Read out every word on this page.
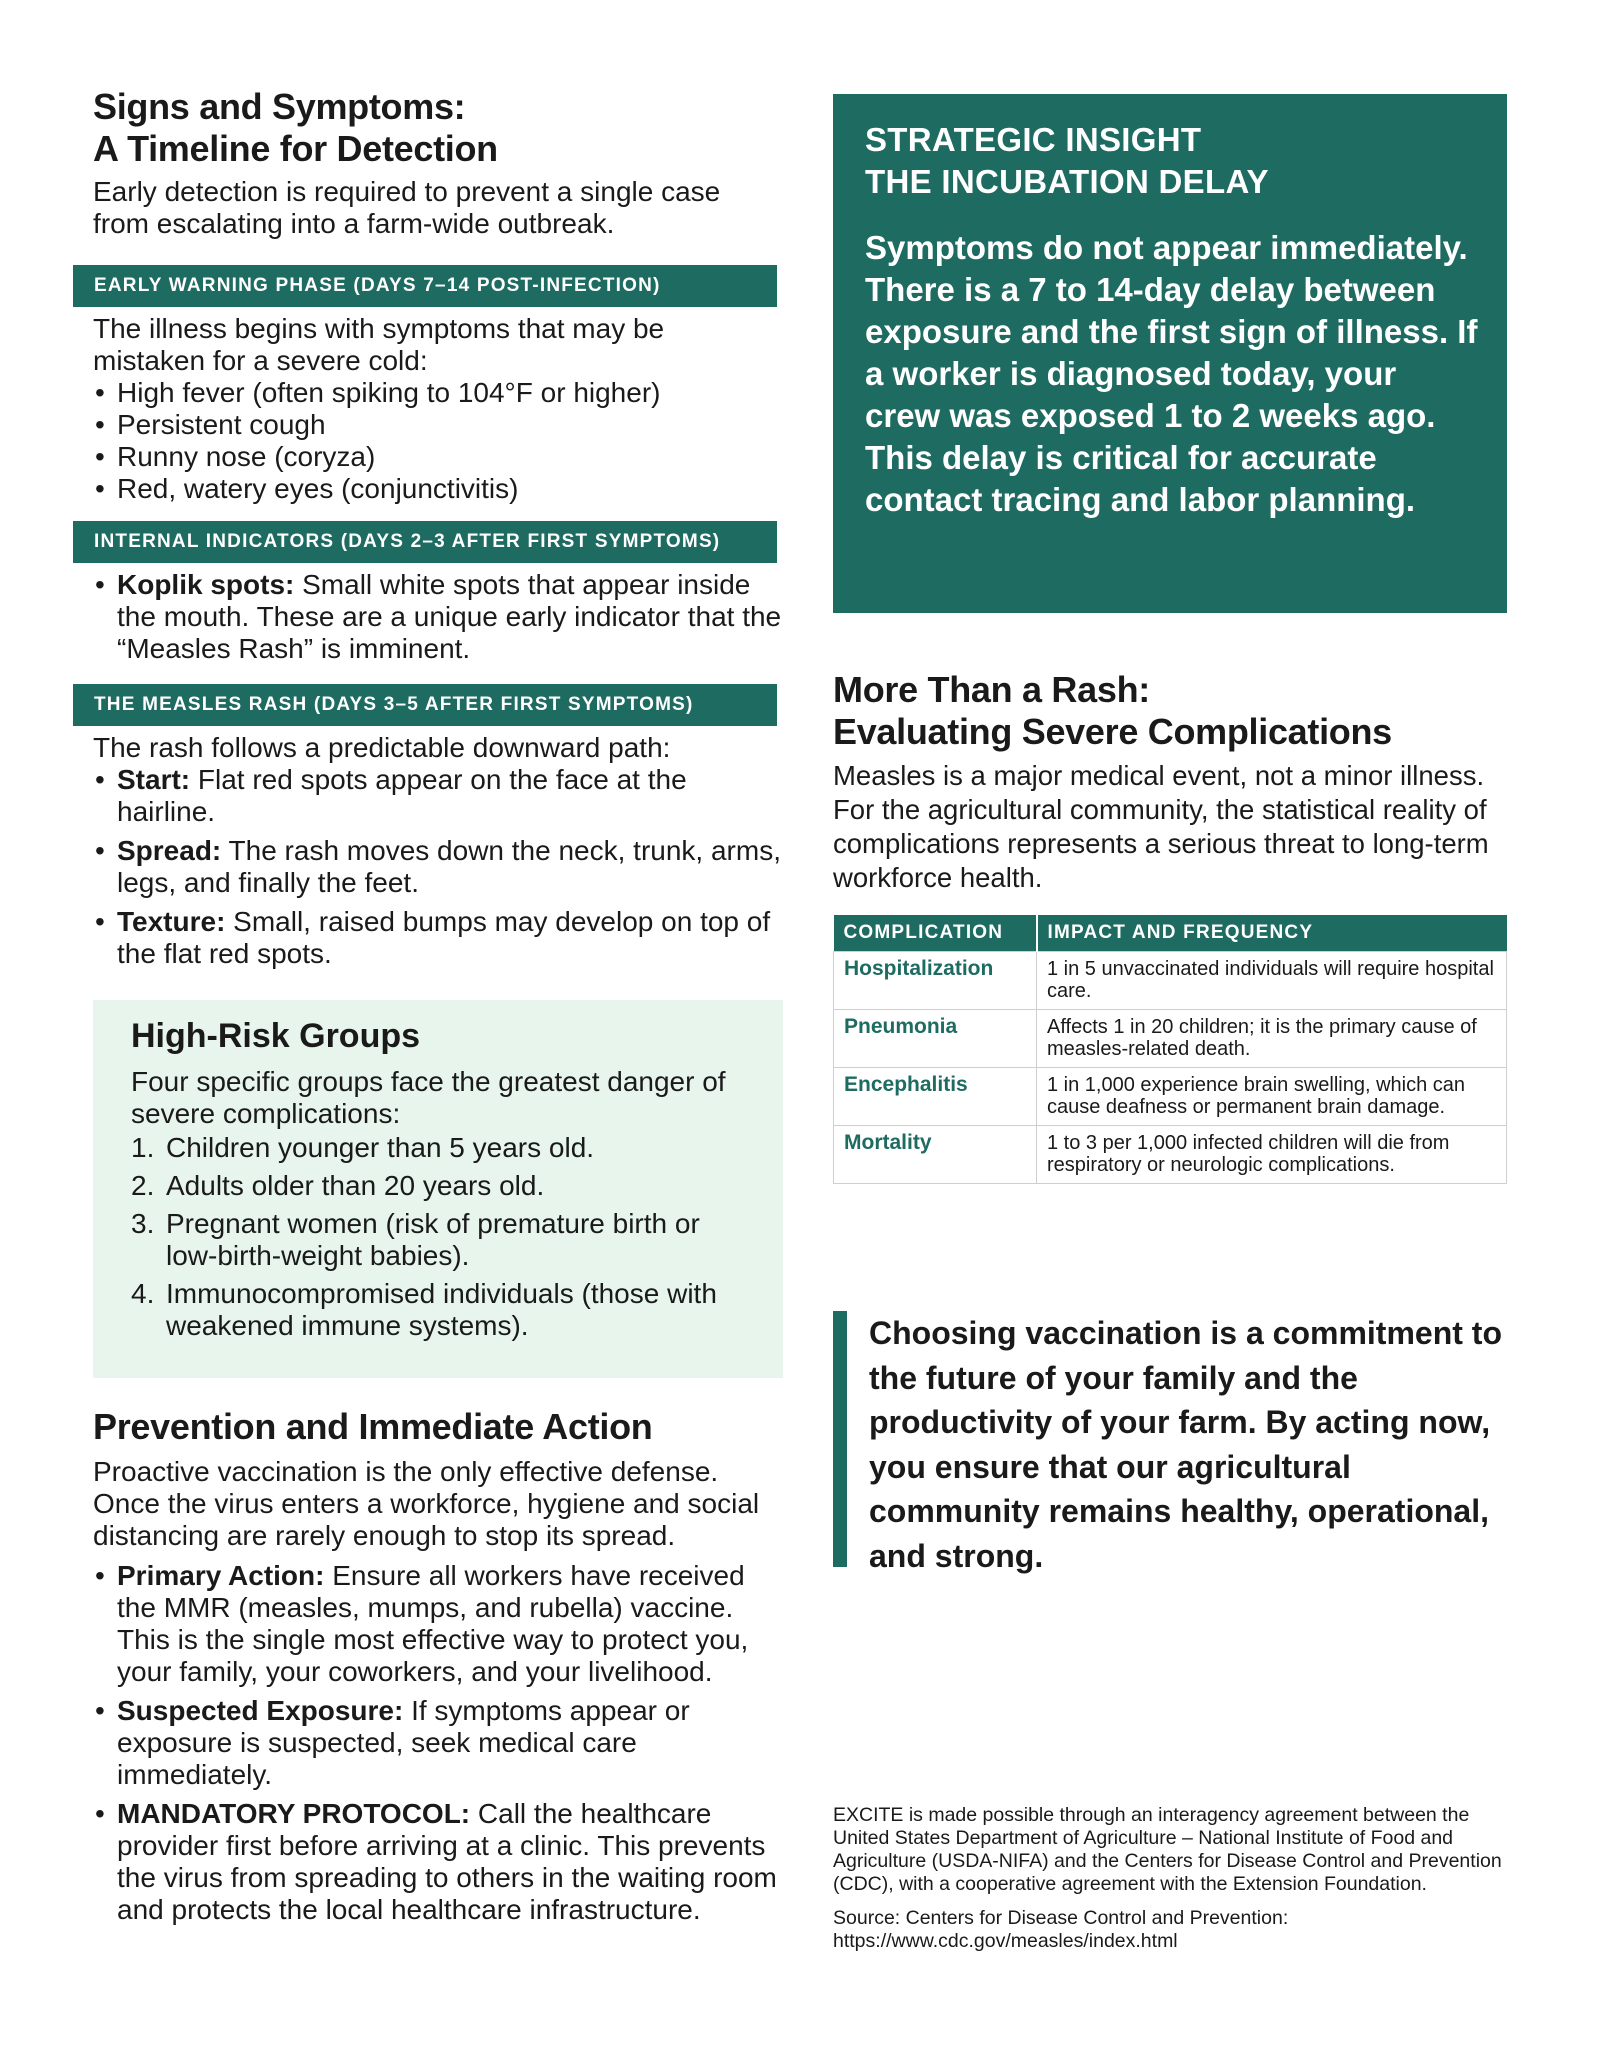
Signs and Symptoms:
A Timeline for Detection

Early detection is required to prevent a single case from escalating into a farm-wide outbreak.

EARLY WARNING PHASE (DAYS 7–14 POST-INFECTION)

The illness begins with symptoms that may be mistaken for a severe cold:

• High fever (often spiking to 104°F or higher)
• Persistent cough
• Runny nose (coryza)
• Red, watery eyes (conjunctivitis)
INTERNAL INDICATORS (DAYS 2–3 AFTER FIRST SYMPTOMS)
• Koplik spots: Small white spots that appear inside the mouth. These are a unique early indicator that the “Measles Rash” is imminent.
THE MEASLES RASH (DAYS 3–5 AFTER FIRST SYMPTOMS)

The rash follows a predictable downward path:

• Start: Flat red spots appear on the face at the hairline.
• Spread: The rash moves down the neck, trunk, arms, legs, and finally the feet.
• Texture: Small, raised bumps may develop on top of the flat red spots.
Prevention and Immediate Action

Proactive vaccination is the only effective defense. Once the virus enters a workforce, hygiene and social distancing are rarely enough to stop its spread.

• Primary Action: Ensure all workers have received the MMR (measles, mumps, and rubella) vaccine. This is the single most effective way to protect you, your family, your coworkers, and your livelihood.
• Suspected Exposure: If symptoms appear or exposure is suspected, seek medical care immediately.
• MANDATORY PROTOCOL: Call the healthcare provider first before arriving at a clinic. This prevents the virus from spreading to others in the waiting room and protects the local healthcare infrastructure.
High-Risk Groups

Four specific groups face the greatest danger of severe complications:

1. Children younger than 5 years old.
2. Adults older than 20 years old.
3. Pregnant women (risk of premature birth or low-birth-weight babies).
4. Immunocompromised individuals (those with weakened immune systems).
STRATEGIC INSIGHT
THE INCUBATION DELAY
Symptoms do not appear immediately. There is a 7 to 14-day delay between exposure and the first sign of illness. If a worker is diagnosed today, your crew was exposed 1 to 2 weeks ago. This delay is critical for accurate contact tracing and labor planning.
More Than a Rash:
Evaluating Severe Complications

Measles is a major medical event, not a minor illness. For the agricultural community, the statistical reality of complications represents a serious threat to long-term workforce health.

COMPLICATION	IMPACT AND FREQUENCY
Hospitalization	1 in 5 unvaccinated individuals will require hospital care.
Pneumonia	Affects 1 in 20 children; it is the primary cause of measles-related death.
Encephalitis	1 in 1,000 experience brain swelling, which can cause deafness or permanent brain damage.
Mortality	1 to 3 per 1,000 infected children will die from respiratory or neurologic complications.

EXCITE is made possible through an interagency agreement between the United States Department of Agriculture – National Institute of Food and Agriculture (USDA-NIFA) and the Centers for Disease Control and Prevention (CDC), with a cooperative agreement with the Extension Foundation.

Source: Centers for Disease Control and Prevention:

https://www.cdc.gov/measles/index.html

Choosing vaccination is a commitment to the future of your family and the productivity of your farm. By acting now, you ensure that our agricultural community remains healthy, operational, and strong.
